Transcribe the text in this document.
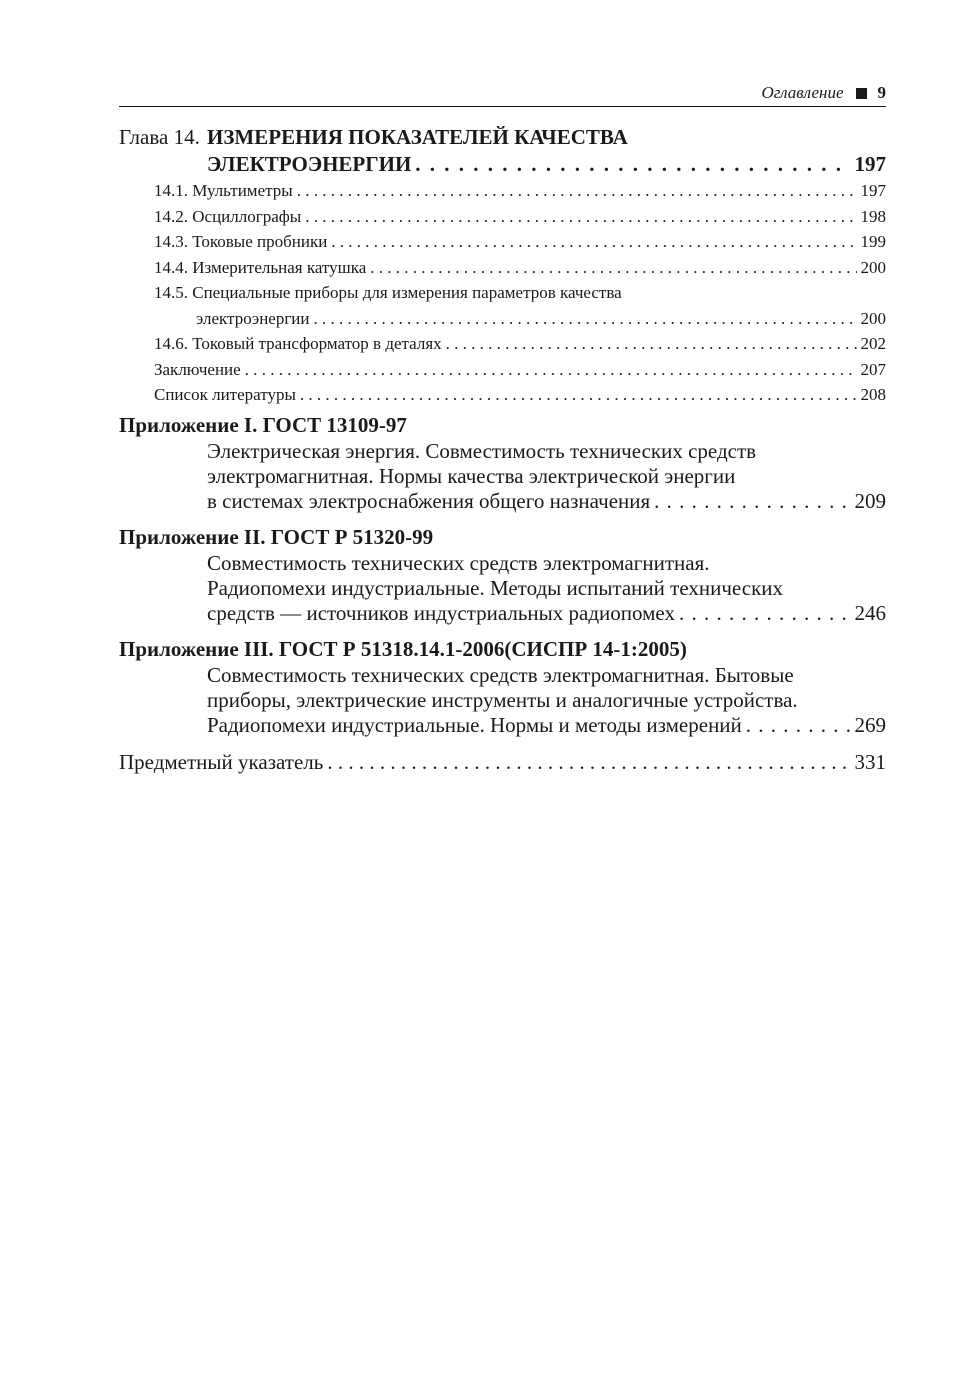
Оглавление 9
Глава 14. ИЗМЕРЕНИЯ ПОКАЗАТЕЛЕЙ КАЧЕСТВА
ЭЛЕКТРОЭНЕРГИИ . . .	197
14.1. Мультиметры . . .	197
14.2. Осциллографы . . .	198
14.3. Токовые пробники . . .	199
14.4. Измерительная катушка . . .	200
14.5. Специальные приборы для измерения параметров качества
электроэнергии . . .	200
14.6. Токовый трансформатор в деталях . . .	202
Заключение . . .	207
Список литературы . . .	208
Приложение I. ГОСТ 13109-97
Электрическая энергия. Совместимость технических средств
электромагнитная. Нормы качества электрической энергии
в системах электроснабжения общего назначения . . .	209
Приложение II. ГОСТ Р 51320-99
Совместимость технических средств электромагнитная.
Радиопомехи индустриальные. Методы испытаний технических
средств — источников индустриальных радиопомех . . .	246
Приложение III. ГОСТ Р 51318.14.1-2006(СИСПР 14-1:2005)
Совместимость технических средств электромагнитная. Бытовые
приборы, электрические инструменты и аналогичные устройства.
Радиопомехи индустриальные. Нормы и методы измерений . . .	269
Предметный указатель . . .	331
